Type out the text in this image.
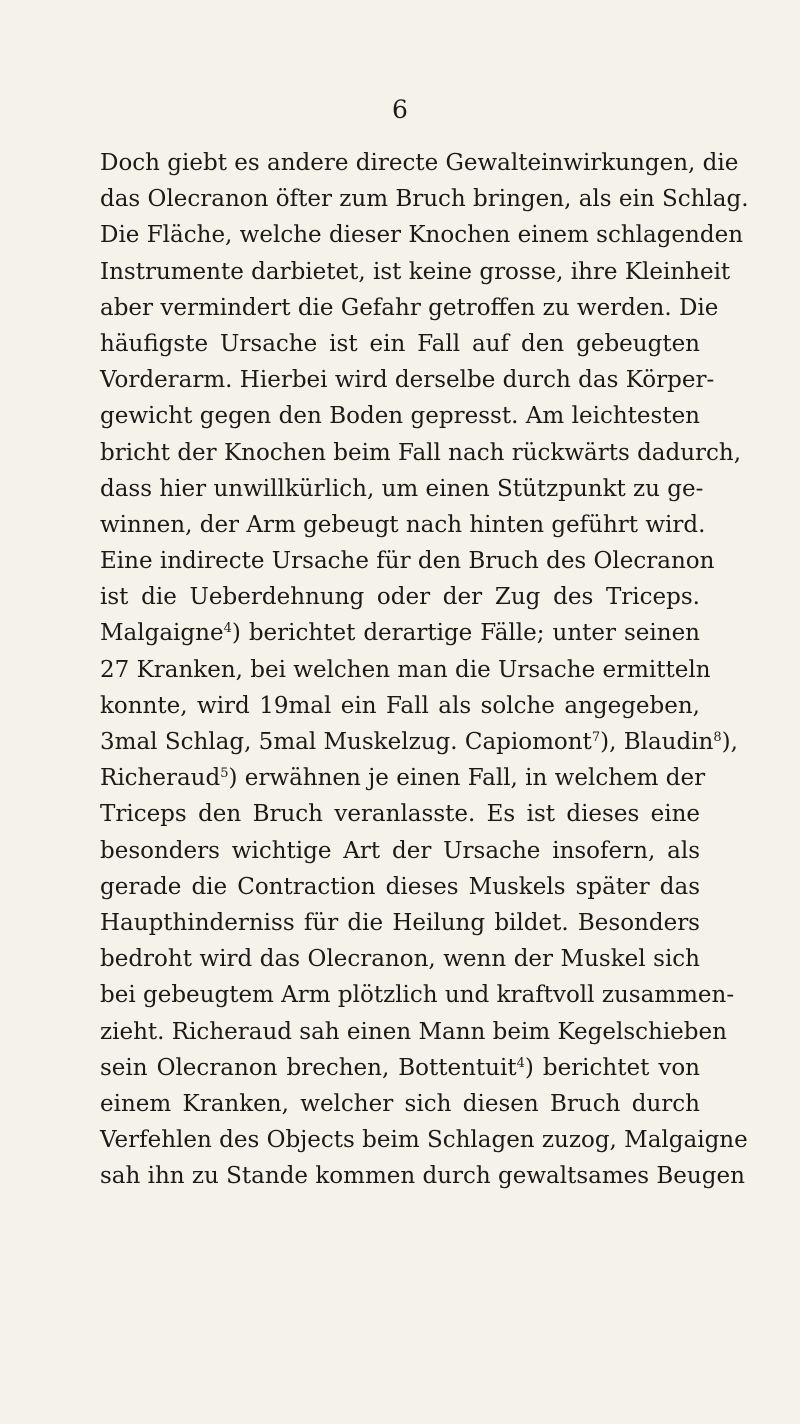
6
Doch giebt es andere directe Gewalteinwirkungen, die
das Olecranon öfter zum Bruch bringen, als ein Schlag.
Die Fläche, welche dieser Knochen einem schlagenden
Instrumente darbietet, ist keine grosse, ihre Kleinheit
aber vermindert die Gefahr getroffen zu werden. Die
häufigste Ursache ist ein Fall auf den gebeugten
Vorderarm. Hierbei wird derselbe durch das Körper-
gewicht gegen den Boden gepresst. Am leichtesten
bricht der Knochen beim Fall nach rückwärts dadurch,
dass hier unwillkürlich, um einen Stützpunkt zu ge-
winnen, der Arm gebeugt nach hinten geführt wird.
Eine indirecte Ursache für den Bruch des Olecranon
ist die Ueberdehnung oder der Zug des Triceps.
Malgaigne$^4$) berichtet derartige Fälle; unter seinen
27 Kranken, bei welchen man die Ursache ermitteln
konnte, wird 19mal ein Fall als solche angegeben,
3mal Schlag, 5mal Muskelzug. Capiomont$^7$), Blaudin$^8$),
Richeraud$^5$) erwähnen je einen Fall, in welchem der
Triceps den Bruch veranlasste. Es ist dieses eine
besonders wichtige Art der Ursache insofern, als
gerade die Contraction dieses Muskels später das
Haupthinderniss für die Heilung bildet. Besonders
bedroht wird das Olecranon, wenn der Muskel sich
bei gebeugtem Arm plötzlich und kraftvoll zusammen-
zieht. Richeraud sah einen Mann beim Kegelschieben
sein Olecranon brechen, Bottentuit$^4$) berichtet von
einem Kranken, welcher sich diesen Bruch durch
Verfehlen des Objects beim Schlagen zuzog, Malgaigne
sah ihn zu Stande kommen durch gewaltsames Beugen
